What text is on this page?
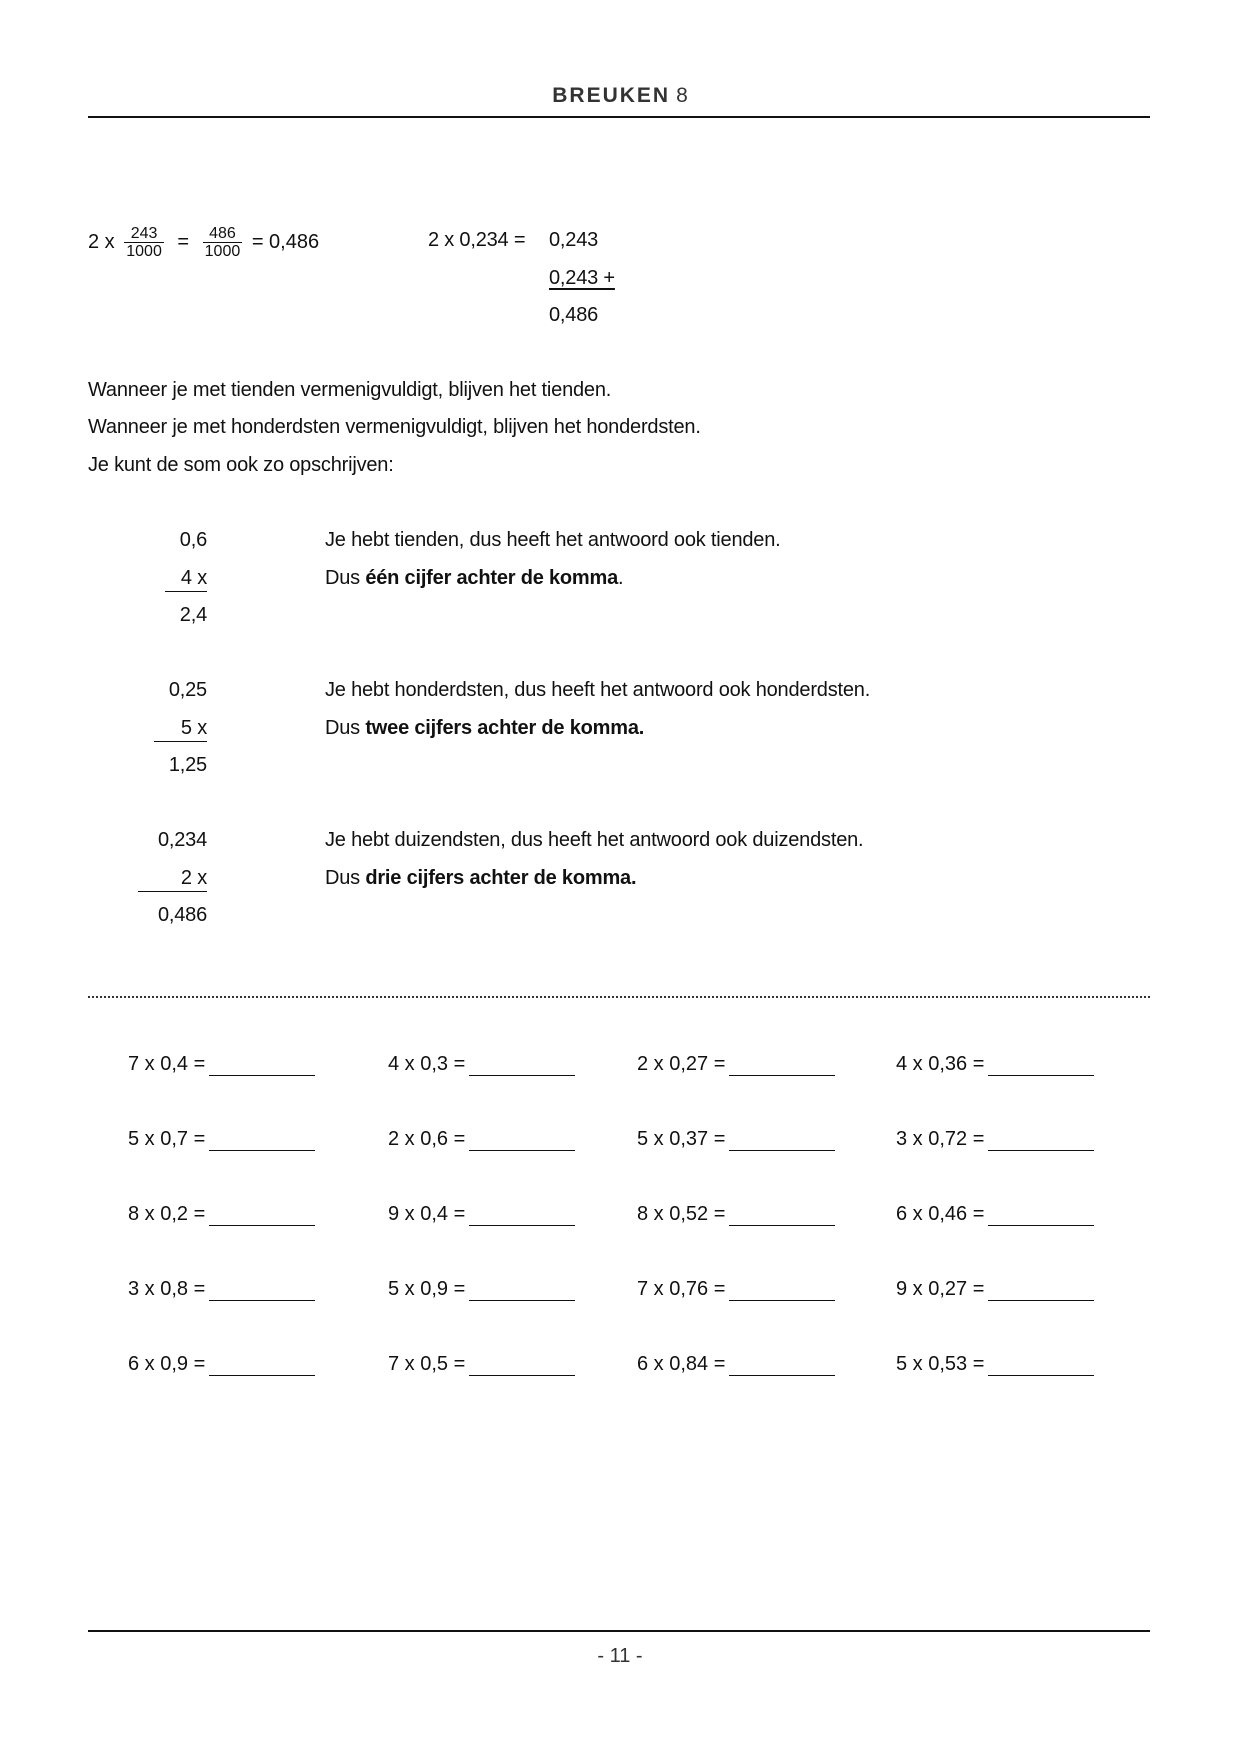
BREUKEN 8
2 x $\frac{243}{1000} = \frac{486}{1000} = 0,486$	2 x 0,234 = 0,243
0,243 +
0,486
Wanneer je met tienden vermenigvuldigt, blijven het tienden.
Wanneer je met honderdsten vermenigvuldigt, blijven het honderdsten.
Je kunt de som ook zo opschrijven:
0,6
4 x
2,4
Je hebt tienden, dus heeft het antwoord ook tienden.
Dus één cijfer achter de komma.
0,25
5 x
1,25
Je hebt honderdsten, dus heeft het antwoord ook honderdsten.
Dus twee cijfers achter de komma.
0,234
2 x
0,486
Je hebt duizendsten, dus heeft het antwoord ook duizendsten.
Dus drie cijfers achter de komma.
7 x 0,4 =	4 x 0,3 =	2 x 0,27 =	4 x 0,36 =
5 x 0,7 =	2 x 0,6 =	5 x 0,37 =	3 x 0,72 =
8 x 0,2 =	9 x 0,4 =	8 x 0,52 =	6 x 0,46 =
3 x 0,8 =	5 x 0,9 =	7 x 0,76 =	9 x 0,27 =
6 x 0,9 =	7 x 0,5 =	6 x 0,84 =	5 x 0,53 =
- 11 -
